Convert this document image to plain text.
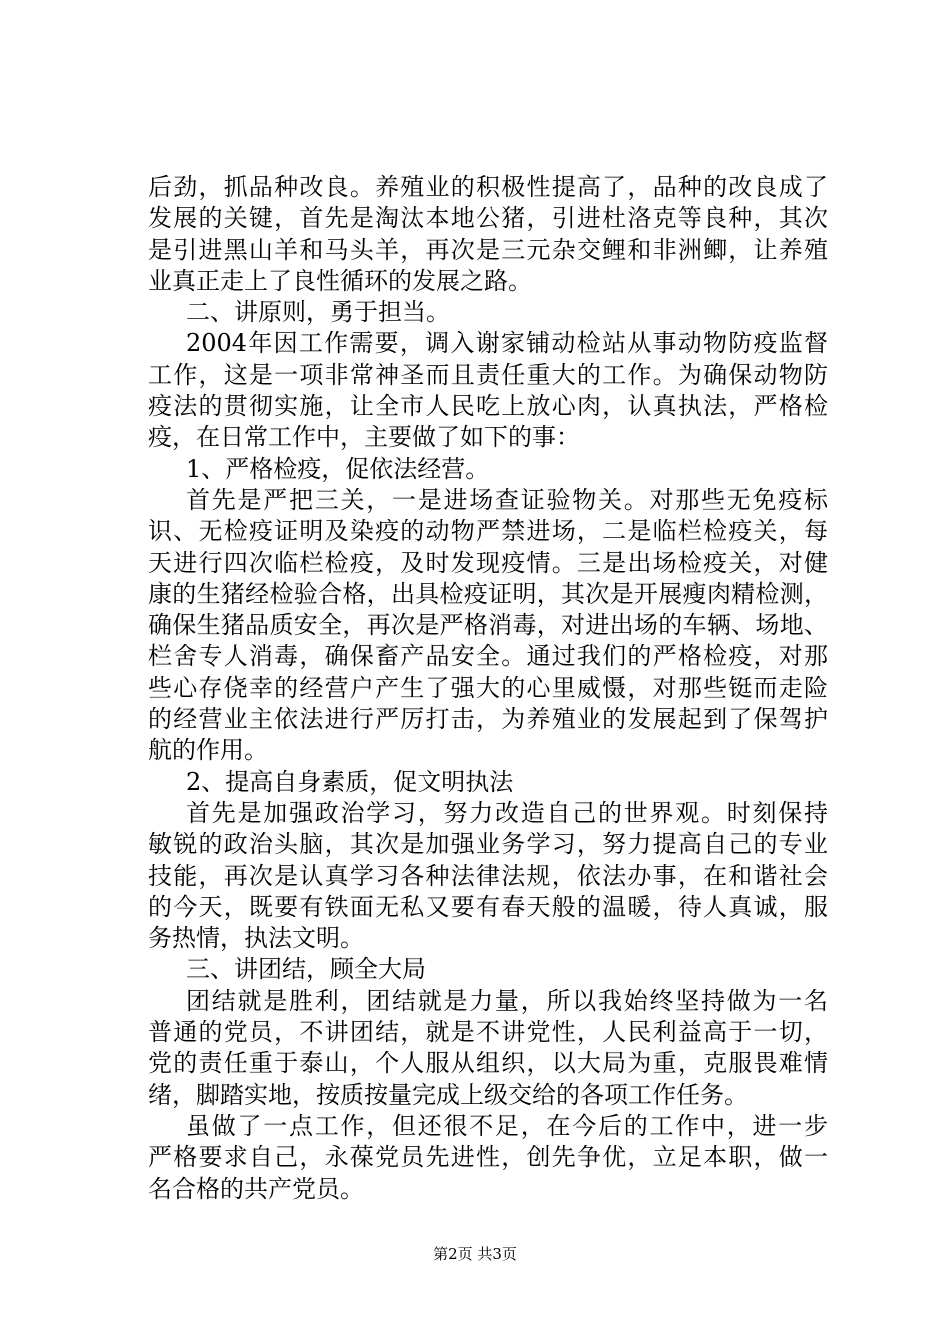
后劲，抓品种改良。养殖业的积极性提高了，品种的改良成了
发展的关键，首先是淘汰本地公猪，引进杜洛克等良种，其次
是引进黑山羊和马头羊，再次是三元杂交鲤和非洲鲫，让养殖
业真正走上了良性循环的发展之路。
二、讲原则，勇于担当。
2004年因工作需要，调入谢家铺动检站从事动物防疫监督
工作，这是一项非常神圣而且责任重大的工作。为确保动物防
疫法的贯彻实施，让全市人民吃上放心肉，认真执法，严格检
疫，在日常工作中，主要做了如下的事：
1、严格检疫，促依法经营。
首先是严把三关，一是进场查证验物关。对那些无免疫标
识、无检疫证明及染疫的动物严禁进场，二是临栏检疫关，每
天进行四次临栏检疫，及时发现疫情。三是出场检疫关，对健
康的生猪经检验合格，出具检疫证明，其次是开展瘦肉精检测，
确保生猪品质安全，再次是严格消毒，对进出场的车辆、场地、
栏舍专人消毒，确保畜产品安全。通过我们的严格检疫，对那
些心存侥幸的经营户产生了强大的心里威慑，对那些铤而走险
的经营业主依法进行严厉打击，为养殖业的发展起到了保驾护
航的作用。
2、提高自身素质，促文明执法
首先是加强政治学习，努力改造自己的世界观。时刻保持
敏锐的政治头脑，其次是加强业务学习，努力提高自己的专业
技能，再次是认真学习各种法律法规，依法办事，在和谐社会
的今天，既要有铁面无私又要有春天般的温暖，待人真诚，服
务热情，执法文明。
三、讲团结，顾全大局
团结就是胜利，团结就是力量，所以我始终坚持做为一名
普通的党员，不讲团结，就是不讲党性，人民利益高于一切，
党的责任重于泰山，个人服从组织，以大局为重，克服畏难情
绪，脚踏实地，按质按量完成上级交给的各项工作任务。
虽做了一点工作，但还很不足，在今后的工作中，进一步
严格要求自己，永葆党员先进性，创先争优，立足本职，做一
名合格的共产党员。
第2页 共3页
